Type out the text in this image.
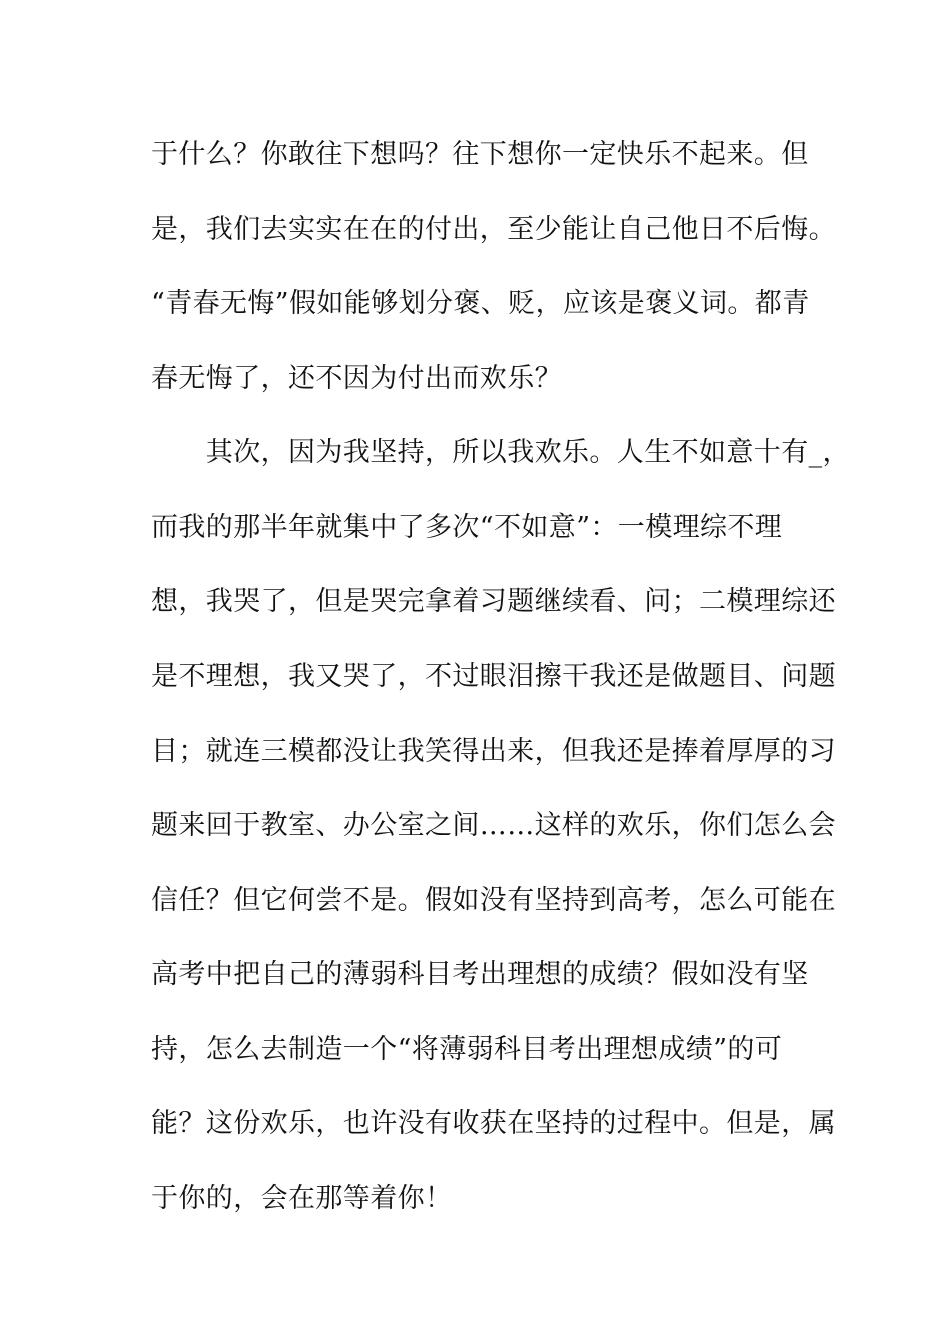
于什么？你敢往下想吗？往下想你一定快乐不起来。但
是，我们去实实在在的付出，至少能让自己他日不后悔。
“青春无悔”假如能够划分褒、贬，应该是褒义词。都青
春无悔了，还不因为付出而欢乐？
　　其次，因为我坚持，所以我欢乐。人生不如意十有_，
而我的那半年就集中了多次“不如意”：一模理综不理
想，我哭了，但是哭完拿着习题继续看、问；二模理综还
是不理想，我又哭了，不过眼泪擦干我还是做题目、问题
目；就连三模都没让我笑得出来，但我还是捧着厚厚的习
题来回于教室、办公室之间……这样的欢乐，你们怎么会
信任？但它何尝不是。假如没有坚持到高考，怎么可能在
高考中把自己的薄弱科目考出理想的成绩？假如没有坚
持，怎么去制造一个“将薄弱科目考出理想成绩”的可
能？这份欢乐，也许没有收获在坚持的过程中。但是，属
于你的，会在那等着你！
